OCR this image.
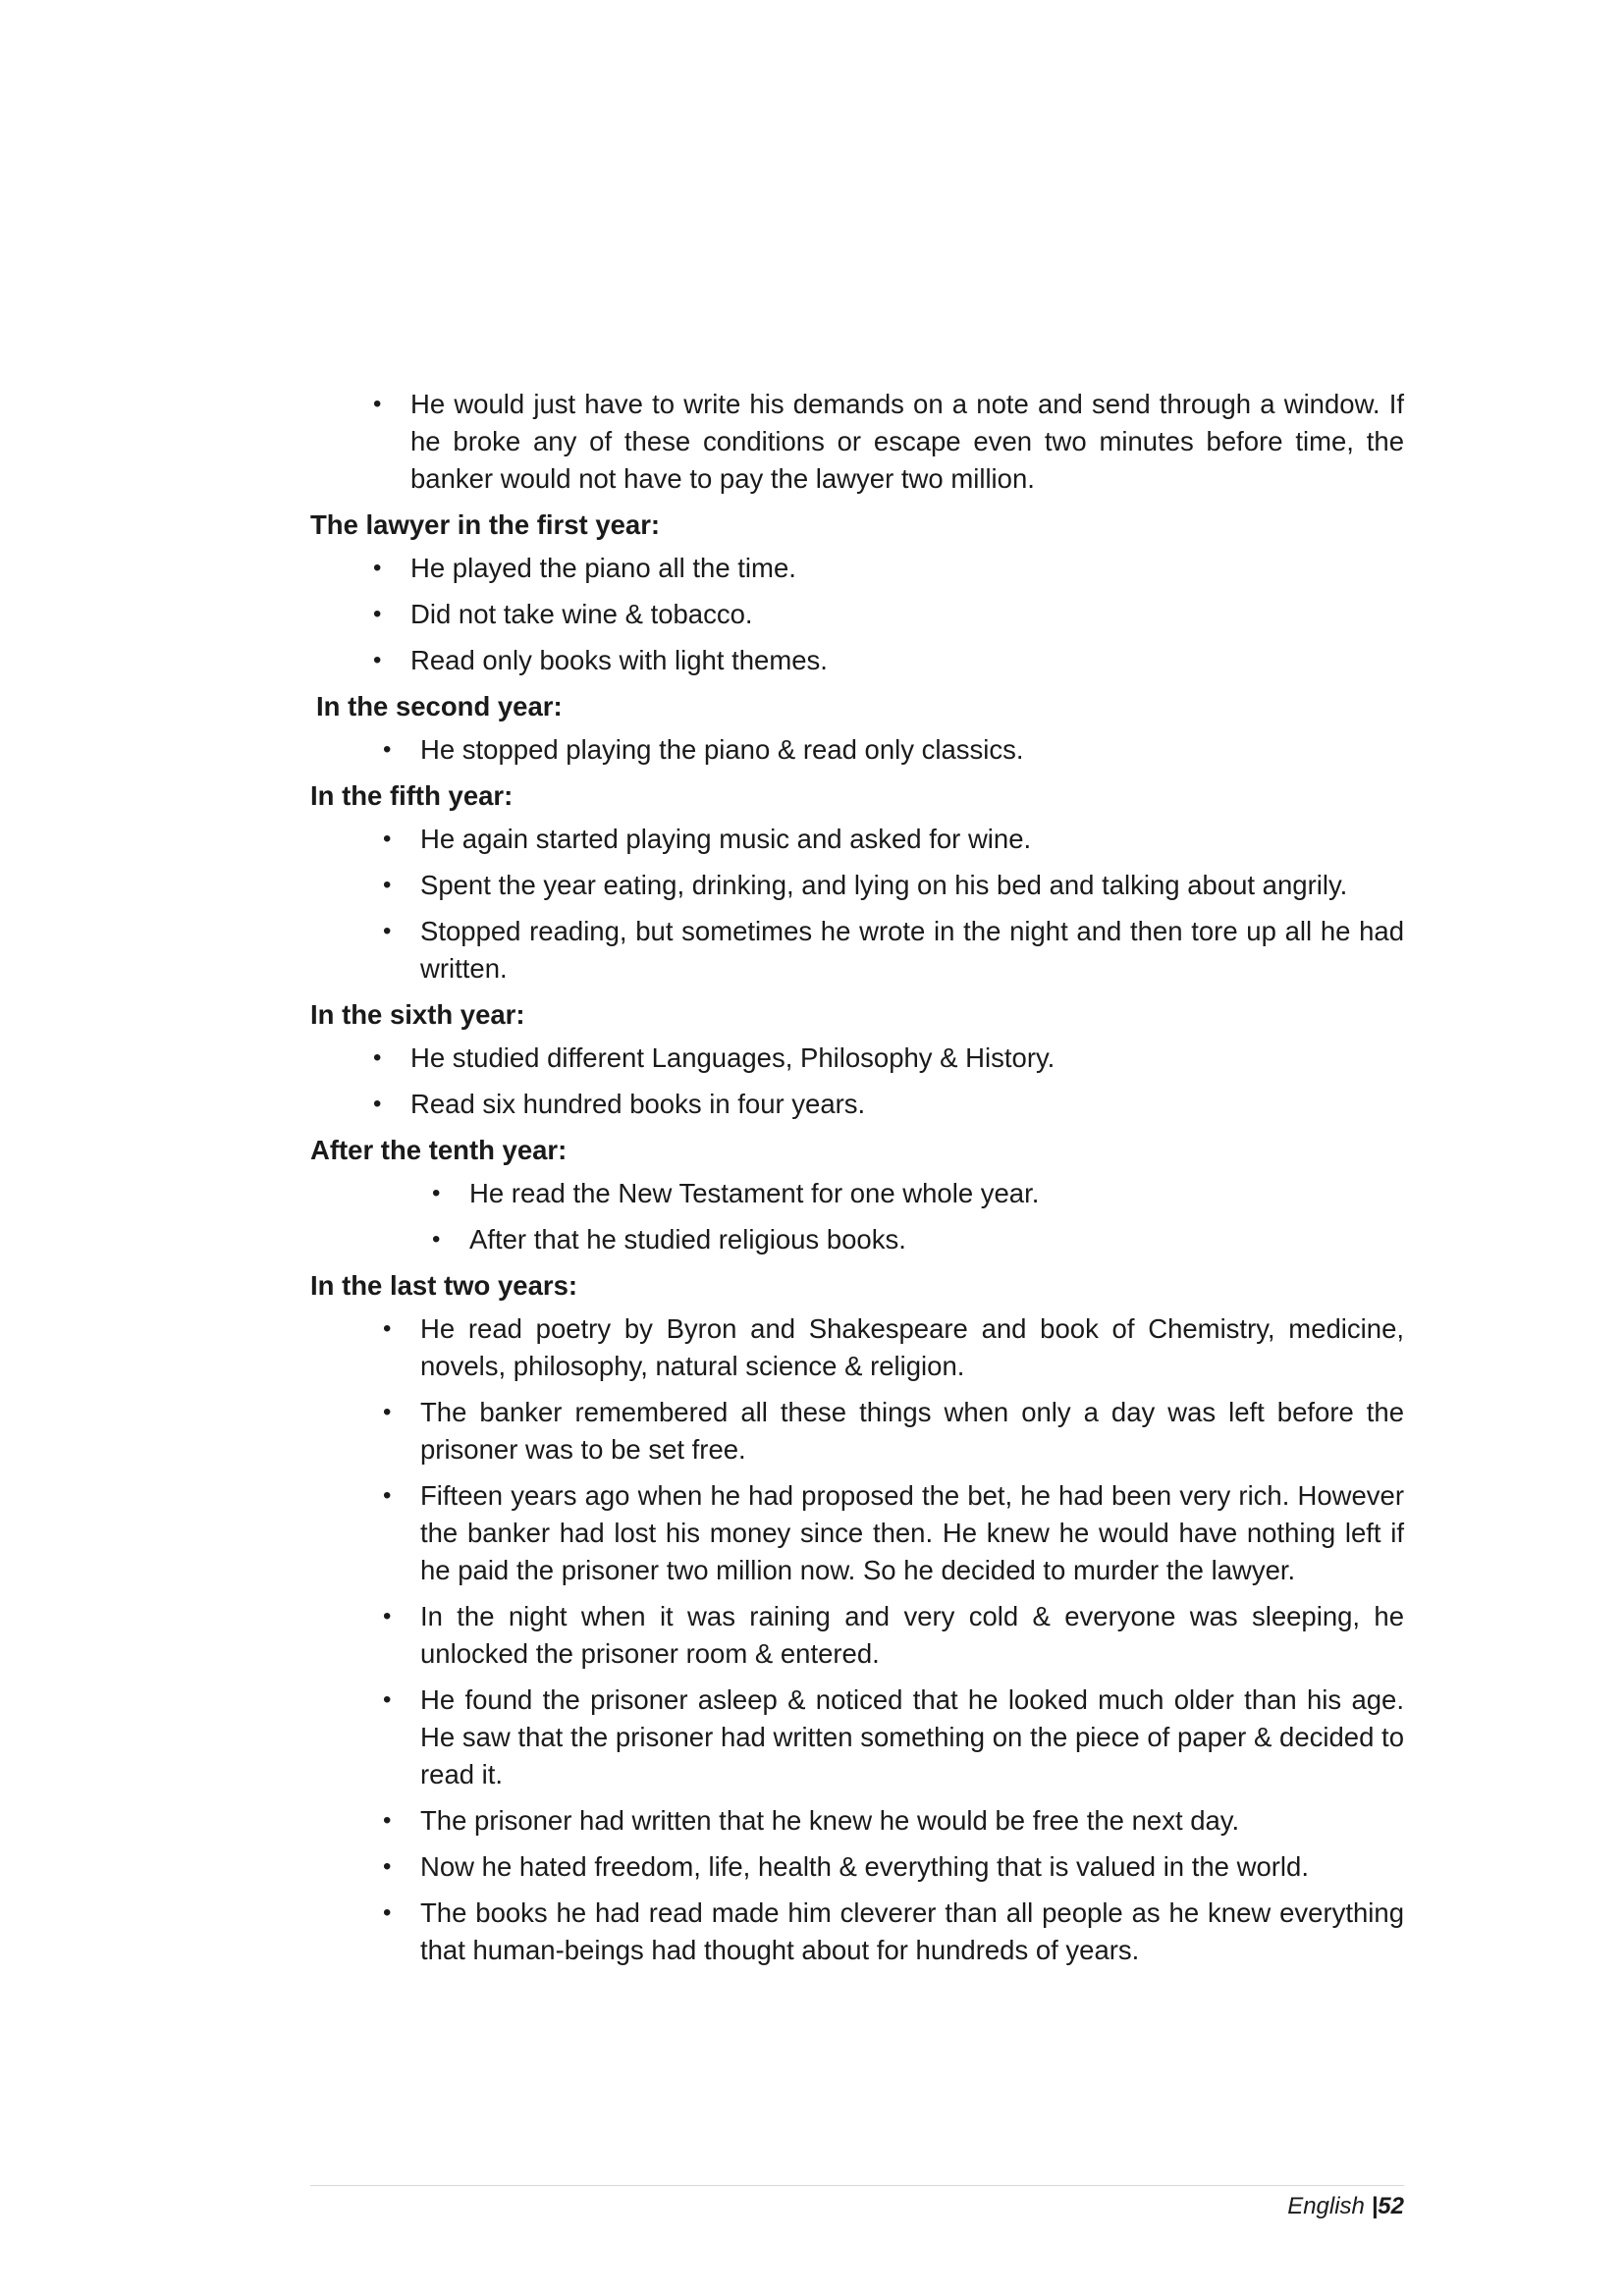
• He would just have to write his demands on a note and send through a window. If he broke any of these conditions or escape even two minutes before time, the banker would not have to pay the lawyer two million.
The lawyer in the first year:
• He played the piano all the time.
• Did not take wine & tobacco.
• Read only books with light themes.
In the second year:
• He stopped playing the piano & read only classics.
In the fifth year:
• He again started playing music and asked for wine.
• Spent the year eating, drinking, and lying on his bed and talking about angrily.
• Stopped reading, but sometimes he wrote in the night and then tore up all he had written.
In the sixth year:
• He studied different Languages, Philosophy & History.
• Read six hundred books in four years.
After the tenth year:
• He read the New Testament for one whole year.
• After that he studied religious books.
In the last two years:
• He read poetry by Byron and Shakespeare and book of Chemistry, medicine, novels, philosophy, natural science & religion.
• The banker remembered all these things when only a day was left before the prisoner was to be set free.
• Fifteen years ago when he had proposed the bet, he had been very rich. However the banker had lost his money since then. He knew he would have nothing left if he paid the prisoner two million now. So he decided to murder the lawyer.
• In the night when it was raining and very cold & everyone was sleeping, he unlocked the prisoner room & entered.
• He found the prisoner asleep & noticed that he looked much older than his age. He saw that the prisoner had written something on the piece of paper & decided to read it.
• The prisoner had written that he knew he would be free the next day.
• Now he hated freedom, life, health & everything that is valued in the world.
• The books he had read made him cleverer than all people as he knew everything that human-beings had thought about for hundreds of years.
English |52
